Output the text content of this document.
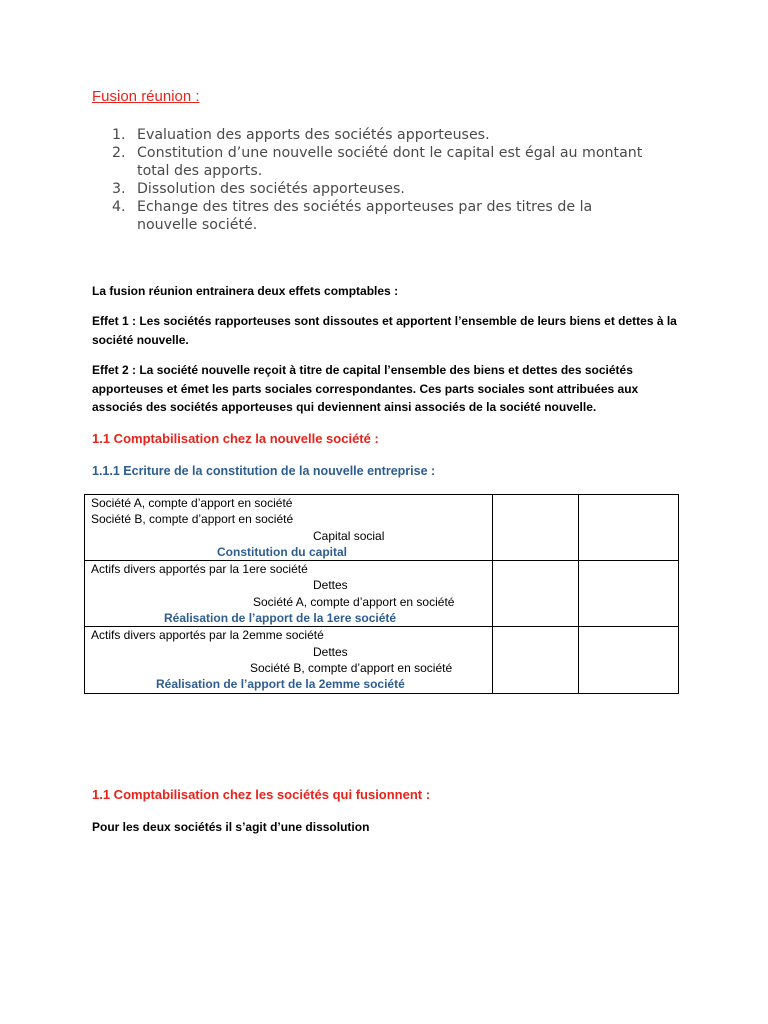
Fusion réunion :
1. Evaluation des apports des sociétés apporteuses.
2. Constitution d’une nouvelle société dont le capital est égal au montant total des apports.
3. Dissolution des sociétés apporteuses.
4. Echange des titres des sociétés apporteuses par des titres de la nouvelle société.
La fusion réunion entrainera deux effets comptables :
Effet 1 : Les sociétés rapporteuses sont dissoutes et apportent l’ensemble de leurs biens et dettes à la société nouvelle.
Effet 2 : La société nouvelle reçoit à titre de capital l’ensemble des biens et dettes des sociétés apporteuses et émet les parts sociales correspondantes. Ces parts sociales sont attribuées aux associés des sociétés apporteuses qui deviennent ainsi associés de la société nouvelle.
1.1 Comptabilisation chez la nouvelle société :
1.1.1 Ecriture de la constitution de la nouvelle entreprise :
Société A, compte d’apport en société
Société B, compte d’apport en société
Capital social
Constitution du capital		

Actifs divers apportés par la 1ere société
Dettes
Société A, compte d’apport en société
Réalisation de l’apport de la 1ere société		

Actifs divers apportés par la 2emme société
Dettes
Société B, compte d’apport en société
Réalisation de l’apport de la 2emme société		

1.1 Comptabilisation chez les sociétés qui fusionnent :
Pour les deux sociétés il s’agit d’une dissolution
